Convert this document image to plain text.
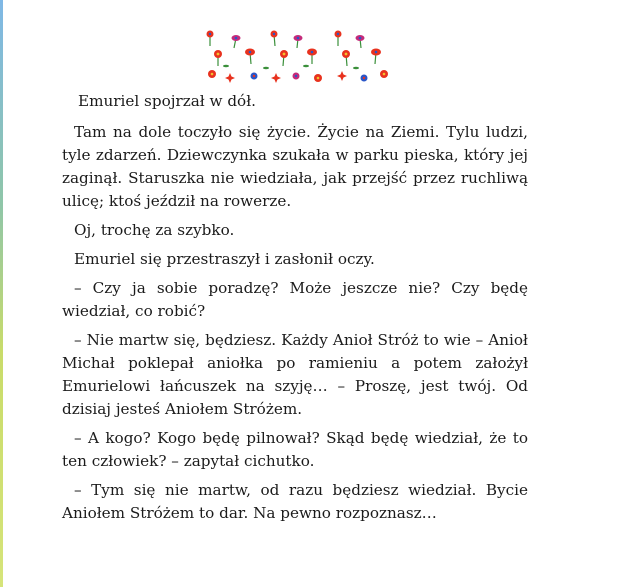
Emuriel spojrzał w dół.

Tam na dole toczyło się życie. Życie na Ziemi. Tylu ludzi, tyle zdarzeń. Dziewczynka szukała w parku pieska, który jej zaginął. Staruszka nie wiedziała, jak przejść przez ruchliwą ulicę; ktoś jeździł na rowerze.

Oj, trochę za szybko.

Emuriel się przestraszył i zasłonił oczy.

– Czy ja sobie poradzę? Może jeszcze nie? Czy będę wiedział, co robić?

– Nie martw się, będziesz. Każdy Anioł Stróż to wie – Anioł Michał poklepał aniołka po ramieniu a potem założył Emurielowi łańcuszek na szyję… – Proszę, jest twój. Od dzisiaj jesteś Aniołem Stróżem.

– A kogo? Kogo będę pilnował? Skąd będę wiedział, że to ten człowiek? – zapytał cichutko.

– Tym się nie martw, od razu będziesz wiedział. Bycie Aniołem Stróżem to dar. Na pewno rozpoznasz…
